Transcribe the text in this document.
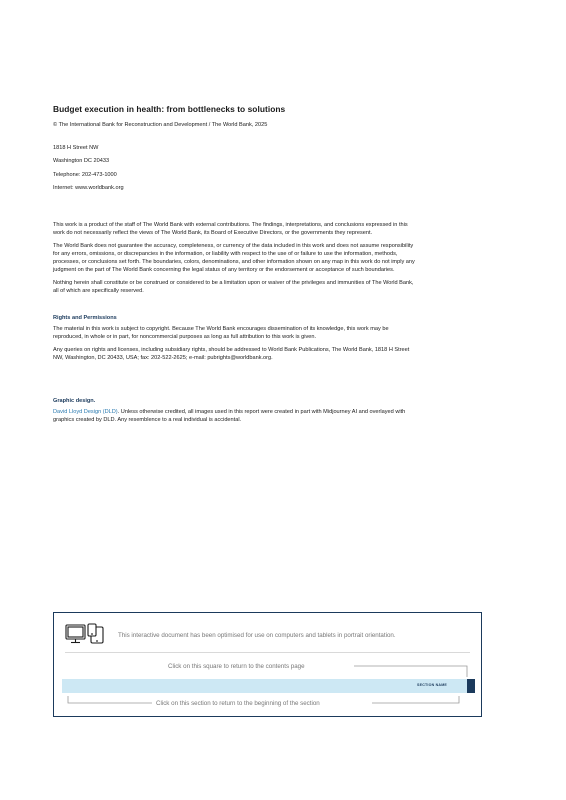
Budget execution in health: from bottlenecks to solutions
© The International Bank for Reconstruction and Development / The World Bank, 2025
1818 H Street NW
Washington DC 20433
Telephone: 202-473-1000
Internet: www.worldbank.org

This work is a product of the staff of The World Bank with external contributions. The findings, interpretations, and conclusions expressed in this work do not necessarily reflect the views of The World Bank, its Board of Executive Directors, or the governments they represent.

The World Bank does not guarantee the accuracy, completeness, or currency of the data included in this work and does not assume responsibility for any errors, omissions, or discrepancies in the information, or liability with respect to the use of or failure to use the information, methods, processes, or conclusions set forth. The boundaries, colors, denominations, and other information shown on any map in this work do not imply any judgment on the part of The World Bank concerning the legal status of any territory or the endorsement or acceptance of such boundaries.

Nothing herein shall constitute or be construed or considered to be a limitation upon or waiver of the privileges and immunities of The World Bank, all of which are specifically reserved.

Rights and Permissions

The material in this work is subject to copyright. Because The World Bank encourages dissemination of its knowledge, this work may be reproduced, in whole or in part, for noncommercial purposes as long as full attribution to this work is given.

Any queries on rights and licenses, including subsidiary rights, should be addressed to World Bank Publications, The World Bank, 1818 H Street NW, Washington, DC 20433, USA; fax: 202-522-2625; e-mail: pubrights@worldbank.org.

Graphic design.

David Lloyd Design (DLD). Unless otherwise credited, all images used in this report were created in part with Midjourney AI and overlayed with graphics created by DLD. Any resemblence to a real individual is accidental.

This interactive document has been optimised for use on computers and tablets in portrait orientation.
Click on this square to return to the contents page
SECTION NAME
Click on this section to return to the beginning of the section
